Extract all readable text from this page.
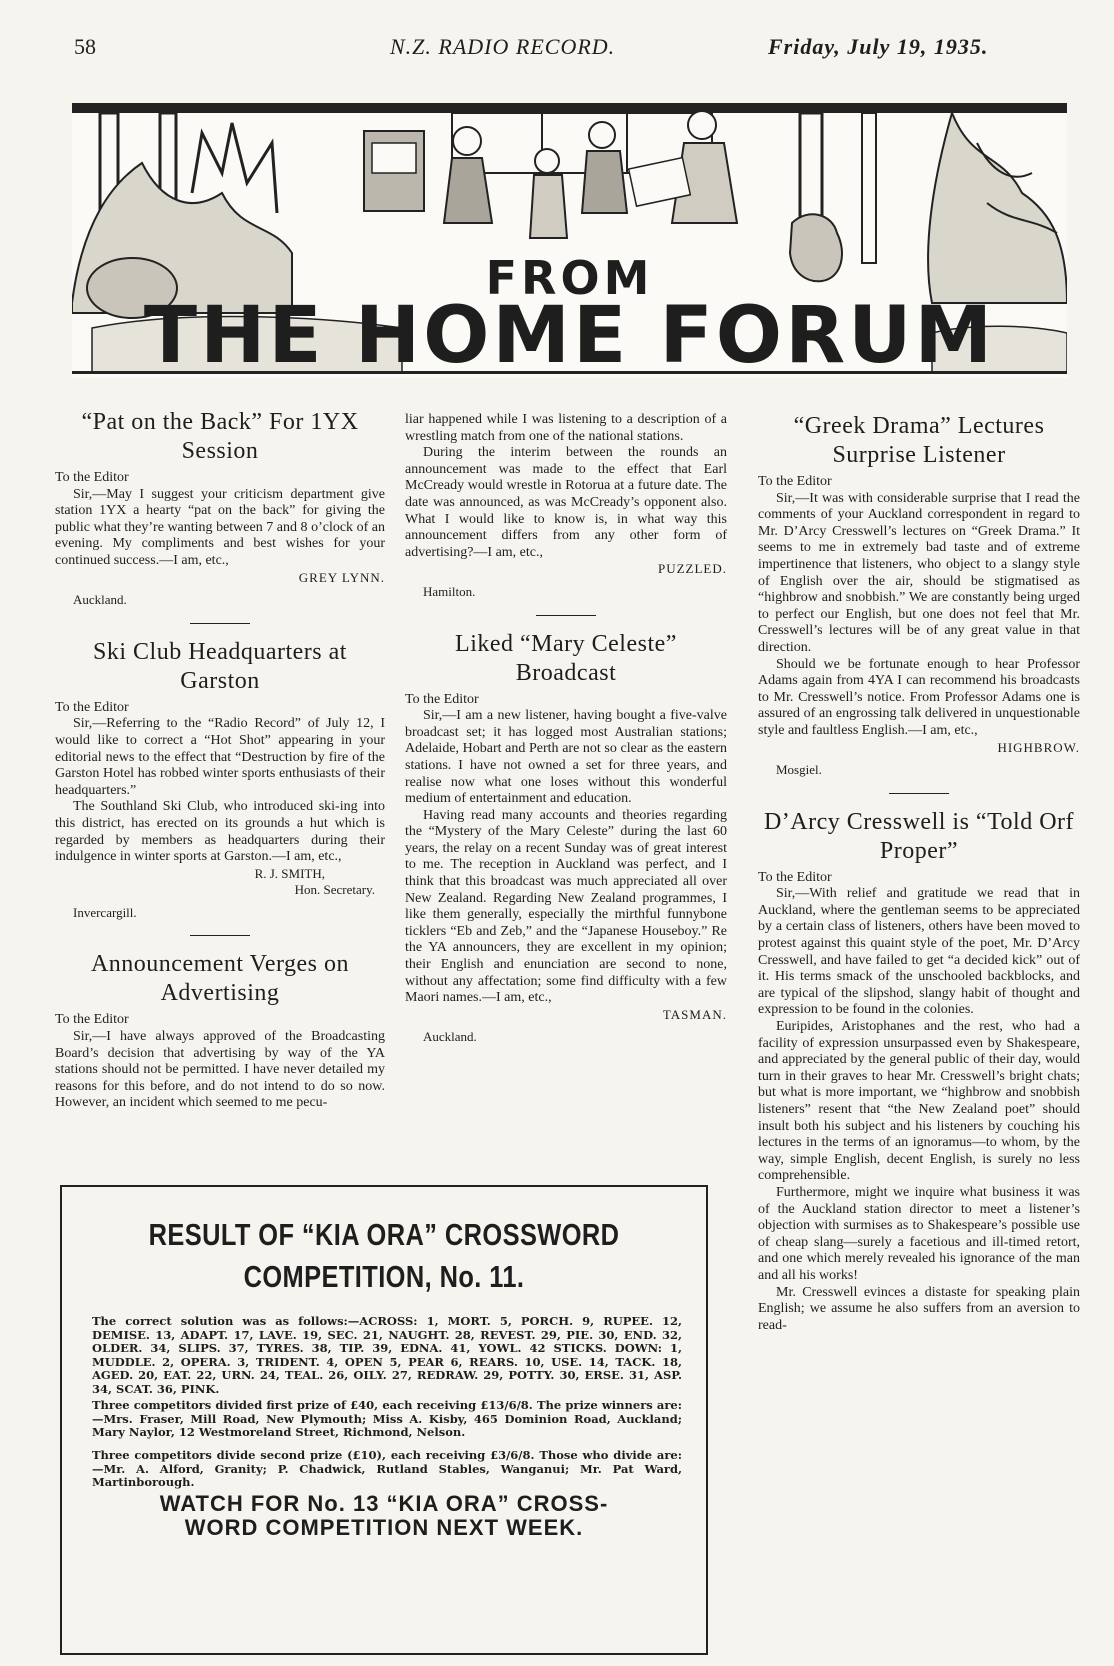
58	N.Z. RADIO RECORD.	Friday, July 19, 1935.
FROM
THE HOME FORUM
“Pat on the Back” For 1YX Session
To the Editor

Sir,—May I suggest your criticism department give station 1YX a hearty “pat on the back” for giving the public what they’re wanting between 7 and 8 o’clock of an evening. My compliments and best wishes for your continued success.—I am, etc.,

GREY LYNN.
Auckland.
Ski Club Headquarters at Garston
To the Editor

Sir,—Referring to the “Radio Record” of July 12, I would like to correct a “Hot Shot” appearing in your editorial news to the effect that “Destruction by fire of the Garston Hotel has robbed winter sports enthusiasts of their headquarters.”

The Southland Ski Club, who introduced ski-ing into this district, has erected on its grounds a hut which is regarded by members as headquarters during their indulgence in winter sports at Garston.—I am, etc.,

R. J. SMITH,
Hon. Secretary.
Invercargill.
Announcement Verges on Advertising
To the Editor

Sir,—I have always approved of the Broadcasting Board’s decision that advertising by way of the YA stations should not be permitted. I have never detailed my reasons for this before, and do not intend to do so now. However, an incident which seemed to me pecu-

liar happened while I was listening to a description of a wrestling match from one of the national stations.

During the interim between the rounds an announcement was made to the effect that Earl McCready would wrestle in Rotorua at a future date. The date was announced, as was McCready’s opponent also. What I would like to know is, in what way this announcement differs from any other form of advertising?—I am, etc.,

PUZZLED.
Hamilton.
Liked “Mary Celeste” Broadcast
To the Editor

Sir,—I am a new listener, having bought a five-valve broadcast set; it has logged most Australian stations; Adelaide, Hobart and Perth are not so clear as the eastern stations. I have not owned a set for three years, and realise now what one loses without this wonderful medium of entertainment and education.

Having read many accounts and theories regarding the “Mystery of the Mary Celeste” during the last 60 years, the relay on a recent Sunday was of great interest to me. The reception in Auckland was perfect, and I think that this broadcast was much appreciated all over New Zealand. Regarding New Zealand programmes, I like them generally, especially the mirthful funnybone ticklers “Eb and Zeb,” and the “Japanese Houseboy.” Re the YA announcers, they are excellent in my opinion; their English and enunciation are second to none, without any affectation; some find difficulty with a few Maori names.—I am, etc.,

TASMAN.
Auckland.
“Greek Drama” Lectures Surprise Listener
To the Editor

Sir,—It was with considerable surprise that I read the comments of your Auckland correspondent in regard to Mr. D’Arcy Cresswell’s lectures on “Greek Drama.” It seems to me in extremely bad taste and of extreme impertinence that listeners, who object to a slangy style of English over the air, should be stigmatised as “highbrow and snobbish.” We are constantly being urged to perfect our English, but one does not feel that Mr. Cresswell’s lectures will be of any great value in that direction.

Should we be fortunate enough to hear Professor Adams again from 4YA I can recommend his broadcasts to Mr. Cresswell’s notice. From Professor Adams one is assured of an engrossing talk delivered in unquestionable style and faultless English.—I am, etc.,

HIGHBROW.
Mosgiel.
D’Arcy Cresswell is “Told Orf Proper”
To the Editor

Sir,—With relief and gratitude we read that in Auckland, where the gentleman seems to be appreciated by a certain class of listeners, others have been moved to protest against this quaint style of the poet, Mr. D’Arcy Cresswell, and have failed to get “a decided kick” out of it. His terms smack of the unschooled backblocks, and are typical of the slipshod, slangy habit of thought and expression to be found in the colonies.

Euripides, Aristophanes and the rest, who had a facility of expression unsurpassed even by Shakespeare, and appreciated by the general public of their day, would turn in their graves to hear Mr. Cresswell’s bright chats; but what is more important, we “highbrow and snobbish listeners” resent that “the New Zealand poet” should insult both his subject and his listeners by couching his lectures in the terms of an ignoramus—to whom, by the way, simple English, decent English, is surely no less comprehensible.

Furthermore, might we inquire what business it was of the Auckland station director to meet a listener’s objection with surmises as to Shakespeare’s possible use of cheap slang—surely a facetious and ill-timed retort, and one which merely revealed his ignorance of the man and all his works!

Mr. Cresswell evinces a distaste for speaking plain English; we assume he also suffers from an aversion to read-

RESULT OF “KIA ORA” CROSSWORD
COMPETITION, No. 11.
The correct solution was as follows:—ACROSS: 1, MORT. 5, PORCH. 9, RUPEE. 12, DEMISE. 13, ADAPT. 17, LAVE. 19, SEC. 21, NAUGHT. 28, REVEST. 29, PIE. 30, END. 32, OLDER. 34, SLIPS. 37, TYRES. 38, TIP. 39, EDNA. 41, YOWL. 42 STICKS. DOWN: 1, MUDDLE. 2, OPERA. 3, TRIDENT. 4, OPEN 5, PEAR 6, REARS. 10, USE. 14, TACK. 18, AGED. 20, EAT. 22, URN. 24, TEAL. 26, OILY. 27, REDRAW. 29, POTTY. 30, ERSE. 31, ASP. 34, SCAT. 36, PINK.
Three competitors divided first prize of £40, each receiving £13/6/8. The prize winners are:—Mrs. Fraser, Mill Road, New Plymouth; Miss A. Kisby, 465 Dominion Road, Auckland; Mary Naylor, 12 Westmoreland Street, Richmond, Nelson.
Three competitors divide second prize (£10), each receiving £3/6/8. Those who divide are:—Mr. A. Alford, Granity; P. Chadwick, Rutland Stables, Wanganui; Mr. Pat Ward, Martinborough.
WATCH FOR No. 13 “KIA ORA” CROSS-
WORD COMPETITION NEXT WEEK.
